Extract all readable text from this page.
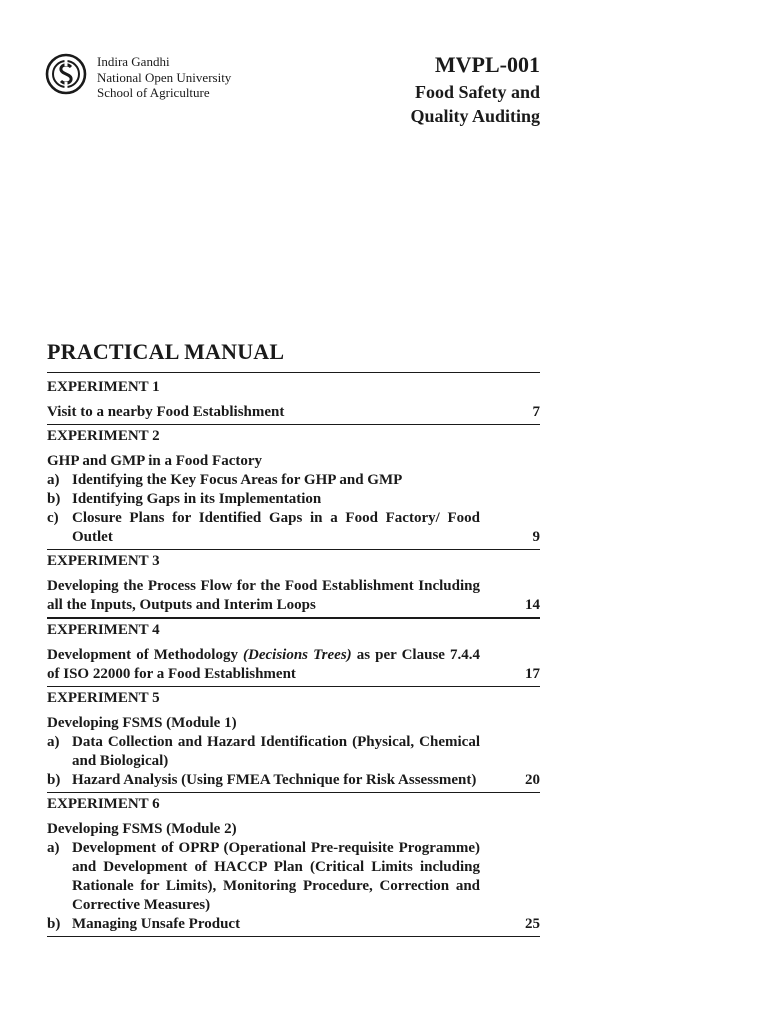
Indira Gandhi
National Open University
School of Agriculture
MVPL-001
Food Safety and
Quality Auditing
PRACTICAL MANUAL
EXPERIMENT 1
Visit to a nearby Food Establishment	7
EXPERIMENT 2
GHP and GMP in a Food Factory
a) Identifying the Key Focus Areas for GHP and GMP
b) Identifying Gaps in its Implementation
c) Closure Plans for Identified Gaps in a Food Factory/ Food Outlet	9
EXPERIMENT 3
Developing the Process Flow for the Food Establishment Including all the Inputs, Outputs and Interim Loops	14
EXPERIMENT 4
Development of Methodology (Decisions Trees) as per Clause 7.4.4 of ISO 22000 for a Food Establishment	17
EXPERIMENT 5
Developing FSMS (Module 1)
a) Data Collection and Hazard Identification (Physical, Chemical and Biological)
b) Hazard Analysis (Using FMEA Technique for Risk Assessment)	20
EXPERIMENT 6
Developing FSMS (Module 2)
a) Development of OPRP (Operational Pre-requisite Programme) and Development of HACCP Plan (Critical Limits including Rationale for Limits), Monitoring Procedure, Correction and Corrective Measures)
b) Managing Unsafe Product	25
